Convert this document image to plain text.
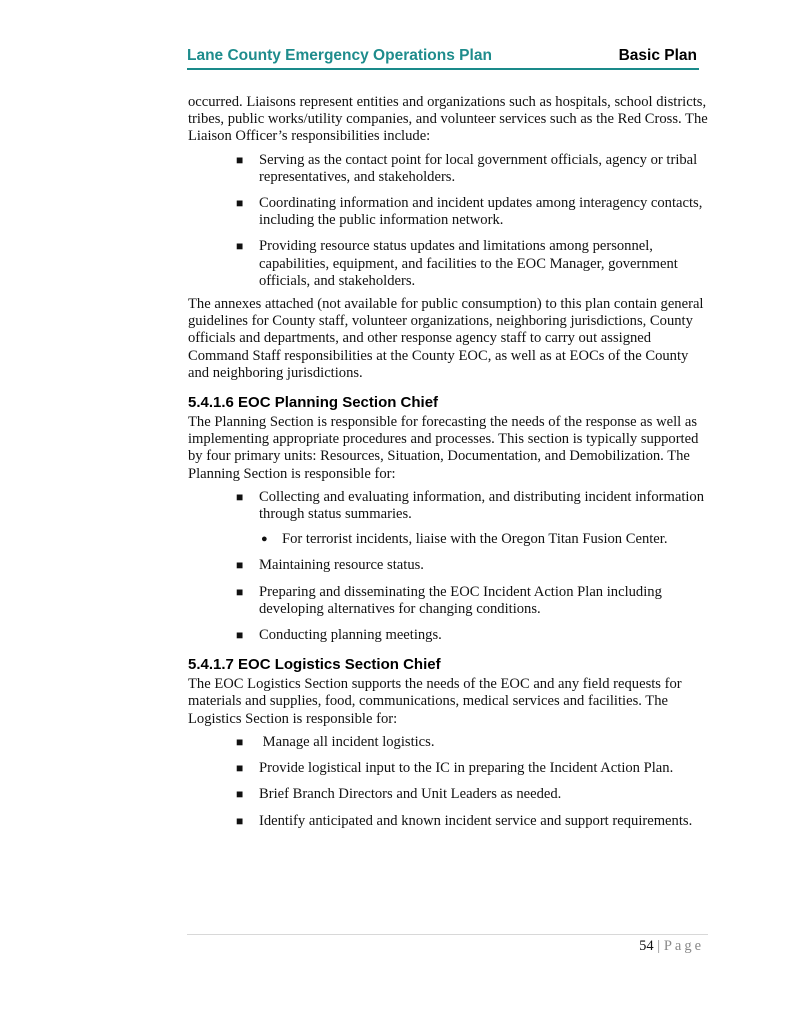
Lane County Emergency Operations Plan	Basic Plan

occurred. Liaisons represent entities and organizations such as hospitals, school districts, tribes, public works/utility companies, and volunteer services such as the Red Cross. The Liaison Officer’s responsibilities include:

■ Serving as the contact point for local government officials, agency or tribal representatives, and stakeholders.
■ Coordinating information and incident updates among interagency contacts, including the public information network.
■ Providing resource status updates and limitations among personnel, capabilities, equipment, and facilities to the EOC Manager, government officials, and stakeholders.

The annexes attached (not available for public consumption) to this plan contain general guidelines for County staff, volunteer organizations, neighboring jurisdictions, County officials and departments, and other response agency staff to carry out assigned Command Staff responsibilities at the County EOC, as well as at EOCs of the County and neighboring jurisdictions.

5.4.1.6 EOC Planning Section Chief

The Planning Section is responsible for forecasting the needs of the response as well as implementing appropriate procedures and processes. This section is typically supported by four primary units: Resources, Situation, Documentation, and Demobilization. The Planning Section is responsible for:

■ Collecting and evaluating information, and distributing incident information through status summaries.
● For terrorist incidents, liaise with the Oregon Titan Fusion Center.
■ Maintaining resource status.
■ Preparing and disseminating the EOC Incident Action Plan including developing alternatives for changing conditions.
■ Conducting planning meetings.
5.4.1.7 EOC Logistics Section Chief

The EOC Logistics Section supports the needs of the EOC and any field requests for materials and supplies, food, communications, medical services and facilities. The Logistics Section is responsible for:

■ Manage all incident logistics.
■ Provide logistical input to the IC in preparing the Incident Action Plan.
■ Brief Branch Directors and Unit Leaders as needed.
■ Identify anticipated and known incident service and support requirements.
54 | Page
